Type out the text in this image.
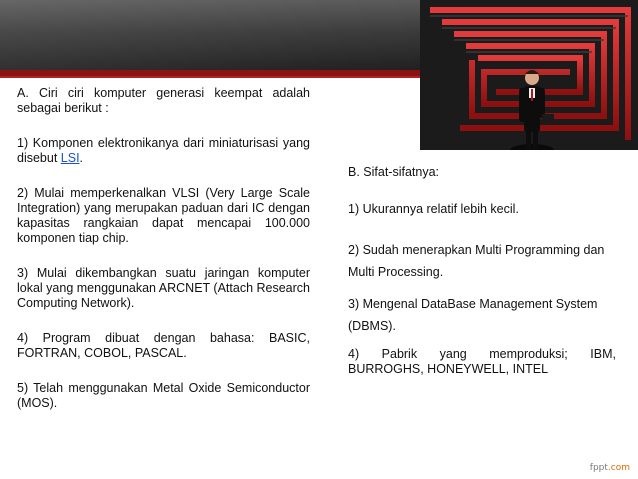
A. Ciri ciri komputer generasi keempat adalah sebagai berikut :

1) Komponen elektronikanya dari miniaturisasi yang disebut LSI.

2) Mulai memperkenalkan VLSI (Very Large Scale Integration) yang merupakan paduan dari IC dengan kapasitas rangkaian dapat mencapai 100.000 komponen tiap chip.

3) Mulai dikembangkan suatu jaringan komputer lokal yang menggunakan ARCNET (Attach Research Computing Network).

4) Program dibuat dengan bahasa: BASIC, FORTRAN, COBOL, PASCAL.

5) Telah menggunakan Metal Oxide Semiconductor (MOS).

B. Sifat-sifatnya:

1) Ukurannya relatif lebih kecil.

2) Sudah menerapkan Multi Programming dan Multi Processing.

3) Mengenal DataBase Management System (DBMS).

4) Pabrik yang memproduksi; IBM, BURROGHS, HONEYWELL, INTEL

fppt.com
